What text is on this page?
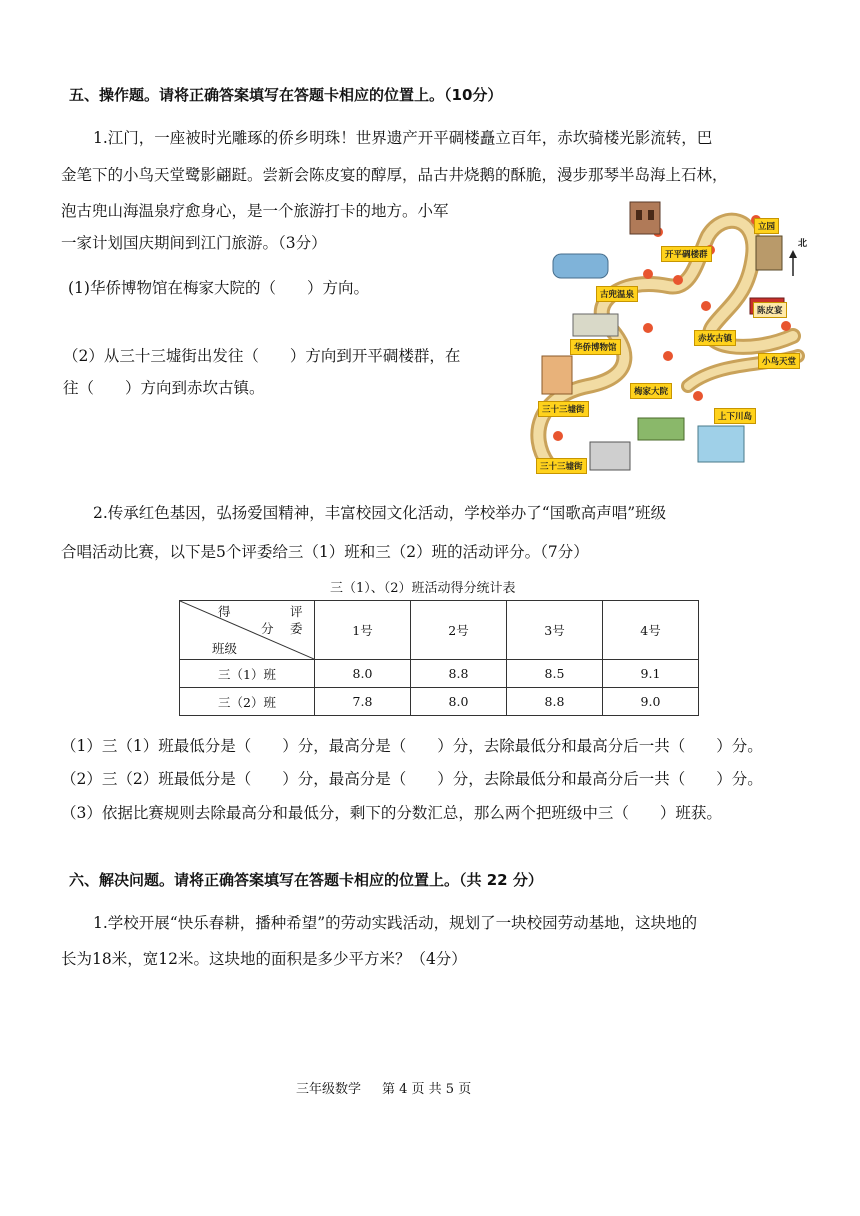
五、操作题。请将正确答案填写在答题卡相应的位置上。（10分）
1.江门，一座被时光雕琢的侨乡明珠！世界遗产开平碉楼矗立百年，赤坎骑楼光影流转，巴
金笔下的小鸟天堂鹭影翩跹。尝新会陈皮宴的醇厚，品古井烧鹅的酥脆，漫步那琴半岛海上石林，
泡古兜山海温泉疗愈身心，是一个旅游打卡的地方。小军
一家计划国庆期间到江门旅游。（3分）
(1)华侨博物馆在梅家大院的（　　）方向。
（2）从三十三墟街出发往（　　）方向到开平碉楼群，在
往（　　）方向到赤坎古镇。
开平碉楼群
立园
古兜温泉
赤坎古镇
陈皮宴
华侨博物馆
小鸟天堂
梅家大院
三十三墟街
上下川岛
三十三墟街
北
2.传承红色基因，弘扬爱国精神，丰富校园文化活动，学校举办了“国歌高声唱”班级
合唱活动比赛，以下是5个评委给三（1）班和三（2）班的活动评分。（7分）
三（1）、（2）班活动得分统计表
得 评
分 委
班级	1号	2号	3号	4号
三（1）班	8.0	8.8	8.5	9.1
三（2）班	7.8	8.0	8.8	9.0
（1）三（1）班最低分是（　　）分，最高分是（　　）分，去除最低分和最高分后一共（　　）分。
（2）三（2）班最低分是（　　）分，最高分是（　　）分，去除最低分和最高分后一共（　　）分。
（3）依据比赛规则去除最高分和最低分，剩下的分数汇总，那么两个把班级中三（　　）班获。
六、解决问题。请将正确答案填写在答题卡相应的位置上。（共 22 分）
1.学校开展“快乐春耕，播种希望”的劳动实践活动，规划了一块校园劳动基地，这块地的
长为18米，宽12米。这块地的面积是多少平方米？（4分）
三年级数学 第 4 页 共 5 页
